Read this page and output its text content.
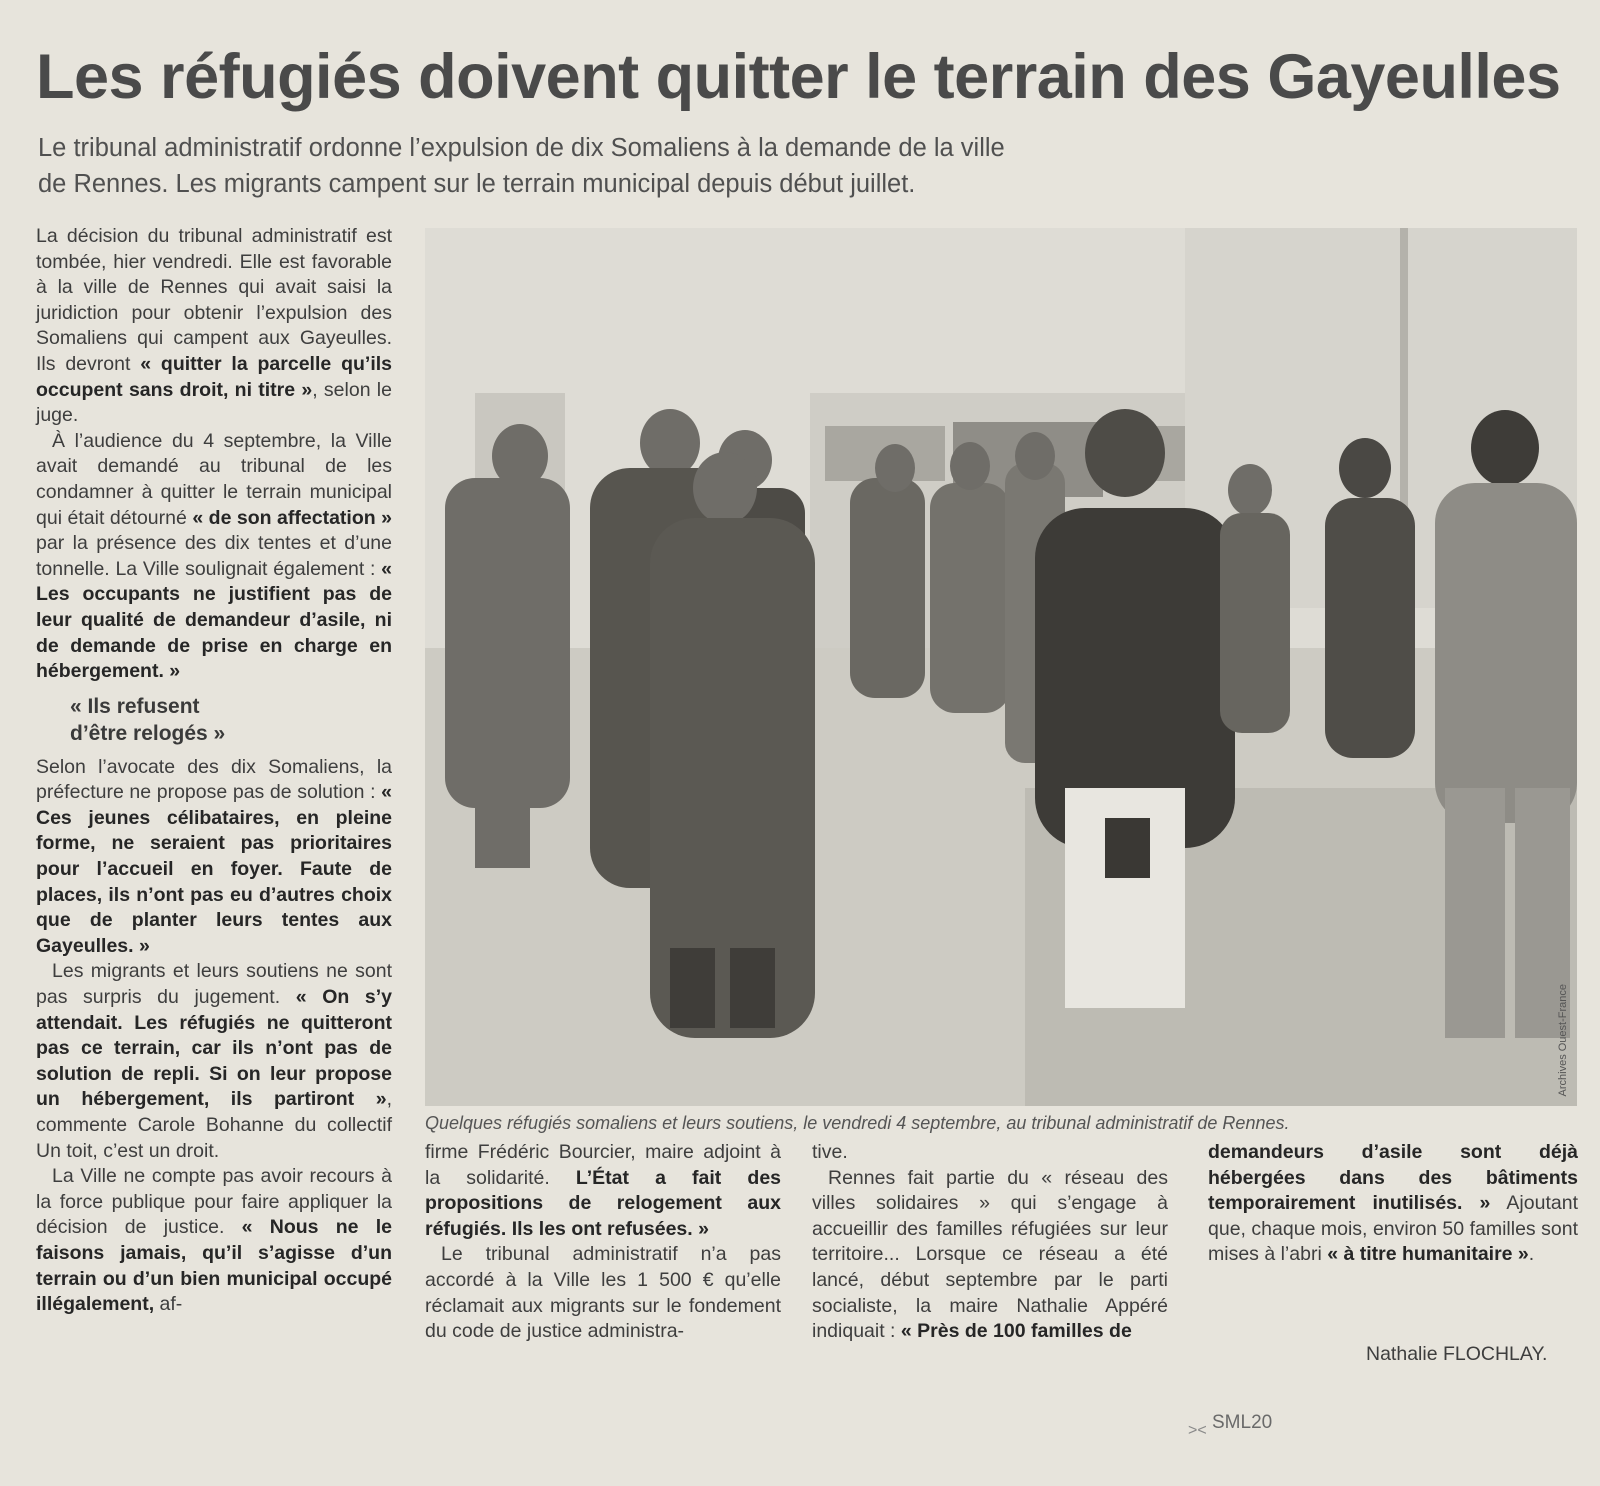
Les réfugiés doivent quitter le terrain des Gayeulles
Le tribunal administratif ordonne l’expulsion de dix Somaliens à la demande de la ville
de Rennes. Les migrants campent sur le terrain municipal depuis début juillet.

La décision du tribunal administratif est tombée, hier vendredi. Elle est favorable à la ville de Rennes qui avait saisi la juridiction pour obtenir l’expulsion des Somaliens qui campent aux Gayeulles. Ils devront « quitter la parcelle qu’ils occupent sans droit, ni titre », selon le juge.

À l’audience du 4 septembre, la Ville avait demandé au tribunal de les condamner à quitter le terrain municipal qui était détourné « de son affectation » par la présence des dix tentes et d’une tonnelle. La Ville soulignait également : « Les occupants ne justifient pas de leur qualité de demandeur d’asile, ni de demande de prise en charge en hébergement. »

« Ils refusent
d’être relogés »

Selon l’avocate des dix Somaliens, la préfecture ne propose pas de solution : « Ces jeunes célibataires, en pleine forme, ne seraient pas prioritaires pour l’accueil en foyer. Faute de places, ils n’ont pas eu d’autres choix que de planter leurs tentes aux Gayeulles. »

Les migrants et leurs soutiens ne sont pas surpris du jugement. « On s’y attendait. Les réfugiés ne quitteront pas ce terrain, car ils n’ont pas de solution de repli. Si on leur propose un hébergement, ils partiront », commente Carole Bohanne du collectif Un toit, c’est un droit.

La Ville ne compte pas avoir recours à la force publique pour faire appliquer la décision de justice. « Nous ne le faisons jamais, qu’il s’agisse d’un terrain ou d’un bien municipal occupé illégalement, af-

Archives Ouest-France
Quelques réfugiés somaliens et leurs soutiens, le vendredi 4 septembre, au tribunal administratif de Rennes.

firme Frédéric Bourcier, maire adjoint à la solidarité. L’État a fait des propositions de relogement aux réfugiés. Ils les ont refusées. »

Le tribunal administratif n’a pas accordé à la Ville les 1 500 € qu’elle réclamait aux migrants sur le fondement du code de justice administra-

tive.

Rennes fait partie du « réseau des villes solidaires » qui s’engage à accueillir des familles réfugiées sur leur territoire... Lorsque ce réseau a été lancé, début septembre par le parti socialiste, la maire Nathalie Appéré indiquait : « Près de 100 familles de

demandeurs d’asile sont déjà hébergées dans des bâtiments temporairement inutilisés. » Ajoutant que, chaque mois, environ 50 familles sont mises à l’abri « à titre humanitaire ».

Nathalie FLOCHLAY.
>< SML20
